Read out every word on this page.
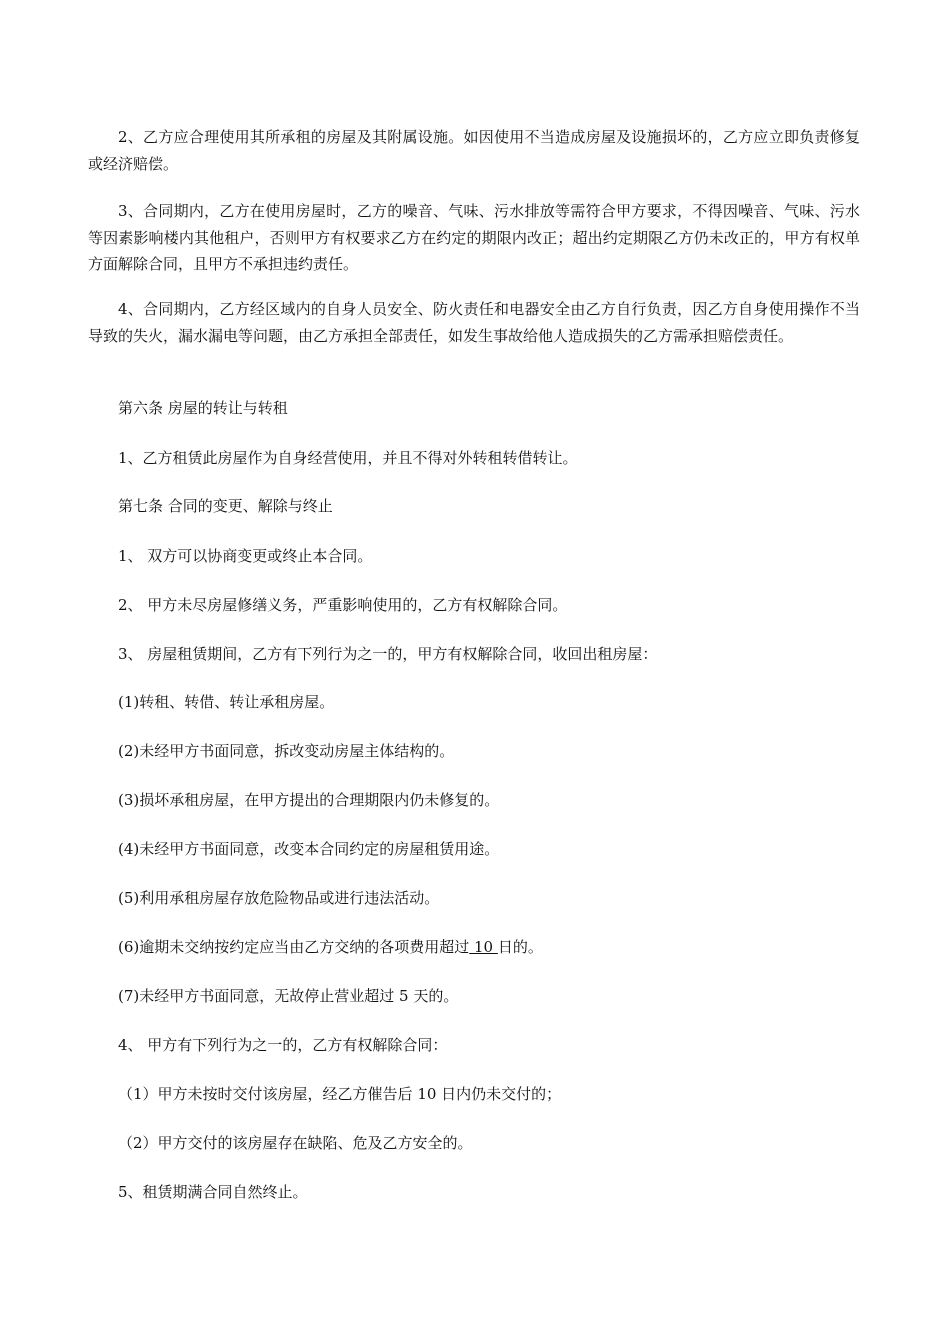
2、乙方应合理使用其所承租的房屋及其附属设施。如因使用不当造成房屋及设施损坏的，乙方应立即负责修复或经济赔偿。

3、合同期内，乙方在使用房屋时，乙方的噪音、气味、污水排放等需符合甲方要求，不得因噪音、气味、污水等因素影响楼内其他租户，否则甲方有权要求乙方在约定的期限内改正；超出约定期限乙方仍未改正的，甲方有权单方面解除合同，且甲方不承担违约责任。

4、合同期内，乙方经区域内的自身人员安全、防火责任和电器安全由乙方自行负责，因乙方自身使用操作不当导致的失火，漏水漏电等问题，由乙方承担全部责任，如发生事故给他人造成损失的乙方需承担赔偿责任。

第六条 房屋的转让与转租

1、乙方租赁此房屋作为自身经营使用，并且不得对外转租转借转让。

第七条 合同的变更、解除与终止

1、 双方可以协商变更或终止本合同。

2、 甲方未尽房屋修缮义务，严重影响使用的，乙方有权解除合同。

3、 房屋租赁期间，乙方有下列行为之一的，甲方有权解除合同，收回出租房屋：

(1)转租、转借、转让承租房屋。

(2)未经甲方书面同意，拆改变动房屋主体结构的。

(3)损坏承租房屋，在甲方提出的合理期限内仍未修复的。

(4)未经甲方书面同意，改变本合同约定的房屋租赁用途。

(5)利用承租房屋存放危险物品或进行违法活动。

(6)逾期未交纳按约定应当由乙方交纳的各项费用超过 10 日的。

(7)未经甲方书面同意，无故停止营业超过 5 天的。

4、 甲方有下列行为之一的，乙方有权解除合同：

（1）甲方未按时交付该房屋，经乙方催告后 10 日内仍未交付的；

（2）甲方交付的该房屋存在缺陷、危及乙方安全的。

5、租赁期满合同自然终止。
